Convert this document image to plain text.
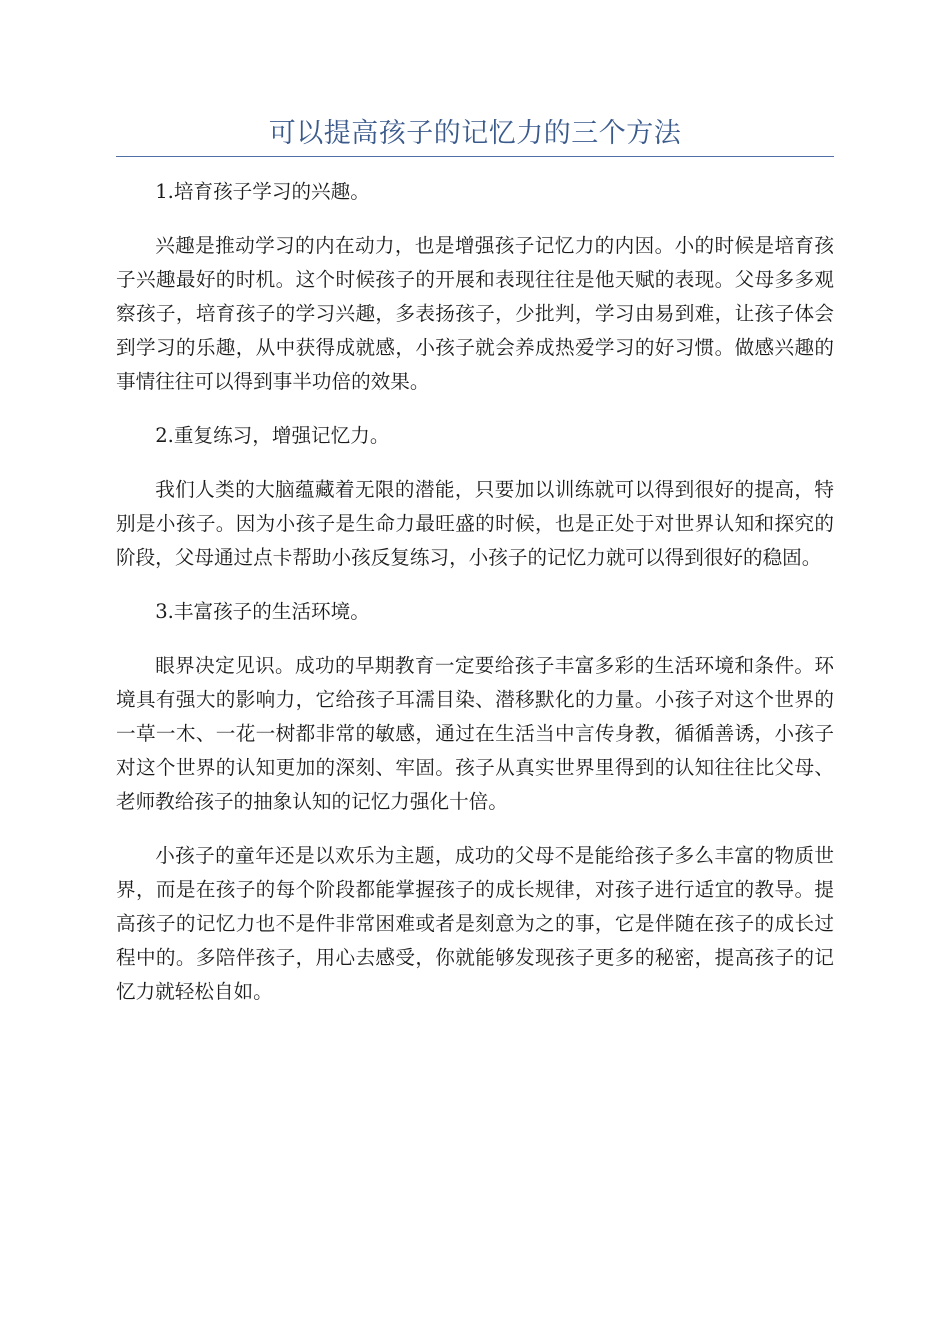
可以提高孩子的记忆力的三个方法

1.培育孩子学习的兴趣。

兴趣是推动学习的内在动力，也是增强孩子记忆力的内因。小的时候是培育孩子兴趣最好的时机。这个时候孩子的开展和表现往往是他天赋的表现。父母多多观察孩子，培育孩子的学习兴趣，多表扬孩子，少批判，学习由易到难，让孩子体会到学习的乐趣，从中获得成就感，小孩子就会养成热爱学习的好习惯。做感兴趣的事情往往可以得到事半功倍的效果。

2.重复练习，增强记忆力。

我们人类的大脑蕴藏着无限的潜能，只要加以训练就可以得到很好的提高，特别是小孩子。因为小孩子是生命力最旺盛的时候，也是正处于对世界认知和探究的阶段，父母通过点卡帮助小孩反复练习，小孩子的记忆力就可以得到很好的稳固。

3.丰富孩子的生活环境。

眼界决定见识。成功的早期教育一定要给孩子丰富多彩的生活环境和条件。环境具有强大的影响力，它给孩子耳濡目染、潜移默化的力量。小孩子对这个世界的一草一木、一花一树都非常的敏感，通过在生活当中言传身教，循循善诱，小孩子对这个世界的认知更加的深刻、牢固。孩子从真实世界里得到的认知往往比父母、老师教给孩子的抽象认知的记忆力强化十倍。

小孩子的童年还是以欢乐为主题，成功的父母不是能给孩子多么丰富的物质世界，而是在孩子的每个阶段都能掌握孩子的成长规律，对孩子进行适宜的教导。提高孩子的记忆力也不是件非常困难或者是刻意为之的事，它是伴随在孩子的成长过程中的。多陪伴孩子，用心去感受，你就能够发现孩子更多的秘密，提高孩子的记忆力就轻松自如。
